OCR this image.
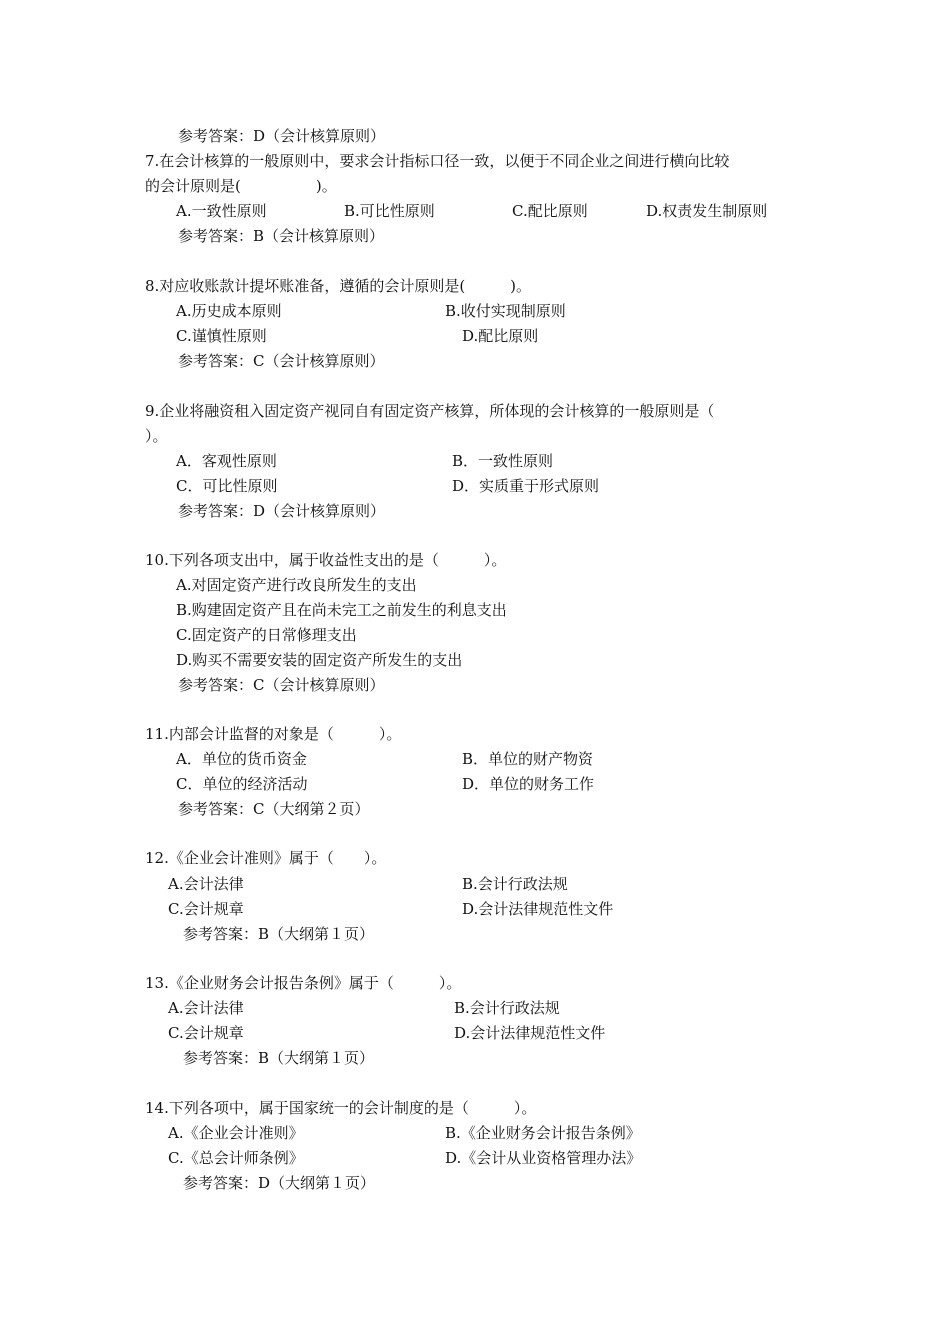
参考答案：D（会计核算原则）
7.在会计核算的一般原则中，要求会计指标口径一致，以便于不同企业之间进行横向比较
的会计原则是(　　　　　)。
A.一致性原则	B.可比性原则	C.配比原则	D.权责发生制原则
参考答案：B（会计核算原则）
8.对应收账款计提坏账准备，遵循的会计原则是(　　　)。
A.历史成本原则	B.收付实现制原则
C.谨慎性原则	D.配比原则
参考答案：C（会计核算原则）
9.企业将融资租入固定资产视同自有固定资产核算，所体现的会计核算的一般原则是（
）。
A．客观性原则	B．一致性原则
C．可比性原则	D．实质重于形式原则
参考答案：D（会计核算原则）
10.下列各项支出中，属于收益性支出的是（　　　）。
A.对固定资产进行改良所发生的支出
B.购建固定资产且在尚未完工之前发生的利息支出
C.固定资产的日常修理支出
D.购买不需要安装的固定资产所发生的支出
参考答案：C（会计核算原则）
11.内部会计监督的对象是（　　　）。
A．单位的货币资金	B．单位的财产物资
C．单位的经济活动	D．单位的财务工作
参考答案：C（大纲第２页）
12.《企业会计准则》属于（　　）。
A.会计法律	B.会计行政法规
C.会计规章	D.会计法律规范性文件
参考答案：B（大纲第１页）
13.《企业财务会计报告条例》属于（　　　）。
A.会计法律	B.会计行政法规
C.会计规章	D.会计法律规范性文件
参考答案：B（大纲第１页）
14.下列各项中，属于国家统一的会计制度的是（　　　）。
A.《企业会计准则》	B.《企业财务会计报告条例》
C.《总会计师条例》	D.《会计从业资格管理办法》
参考答案：D（大纲第１页）
